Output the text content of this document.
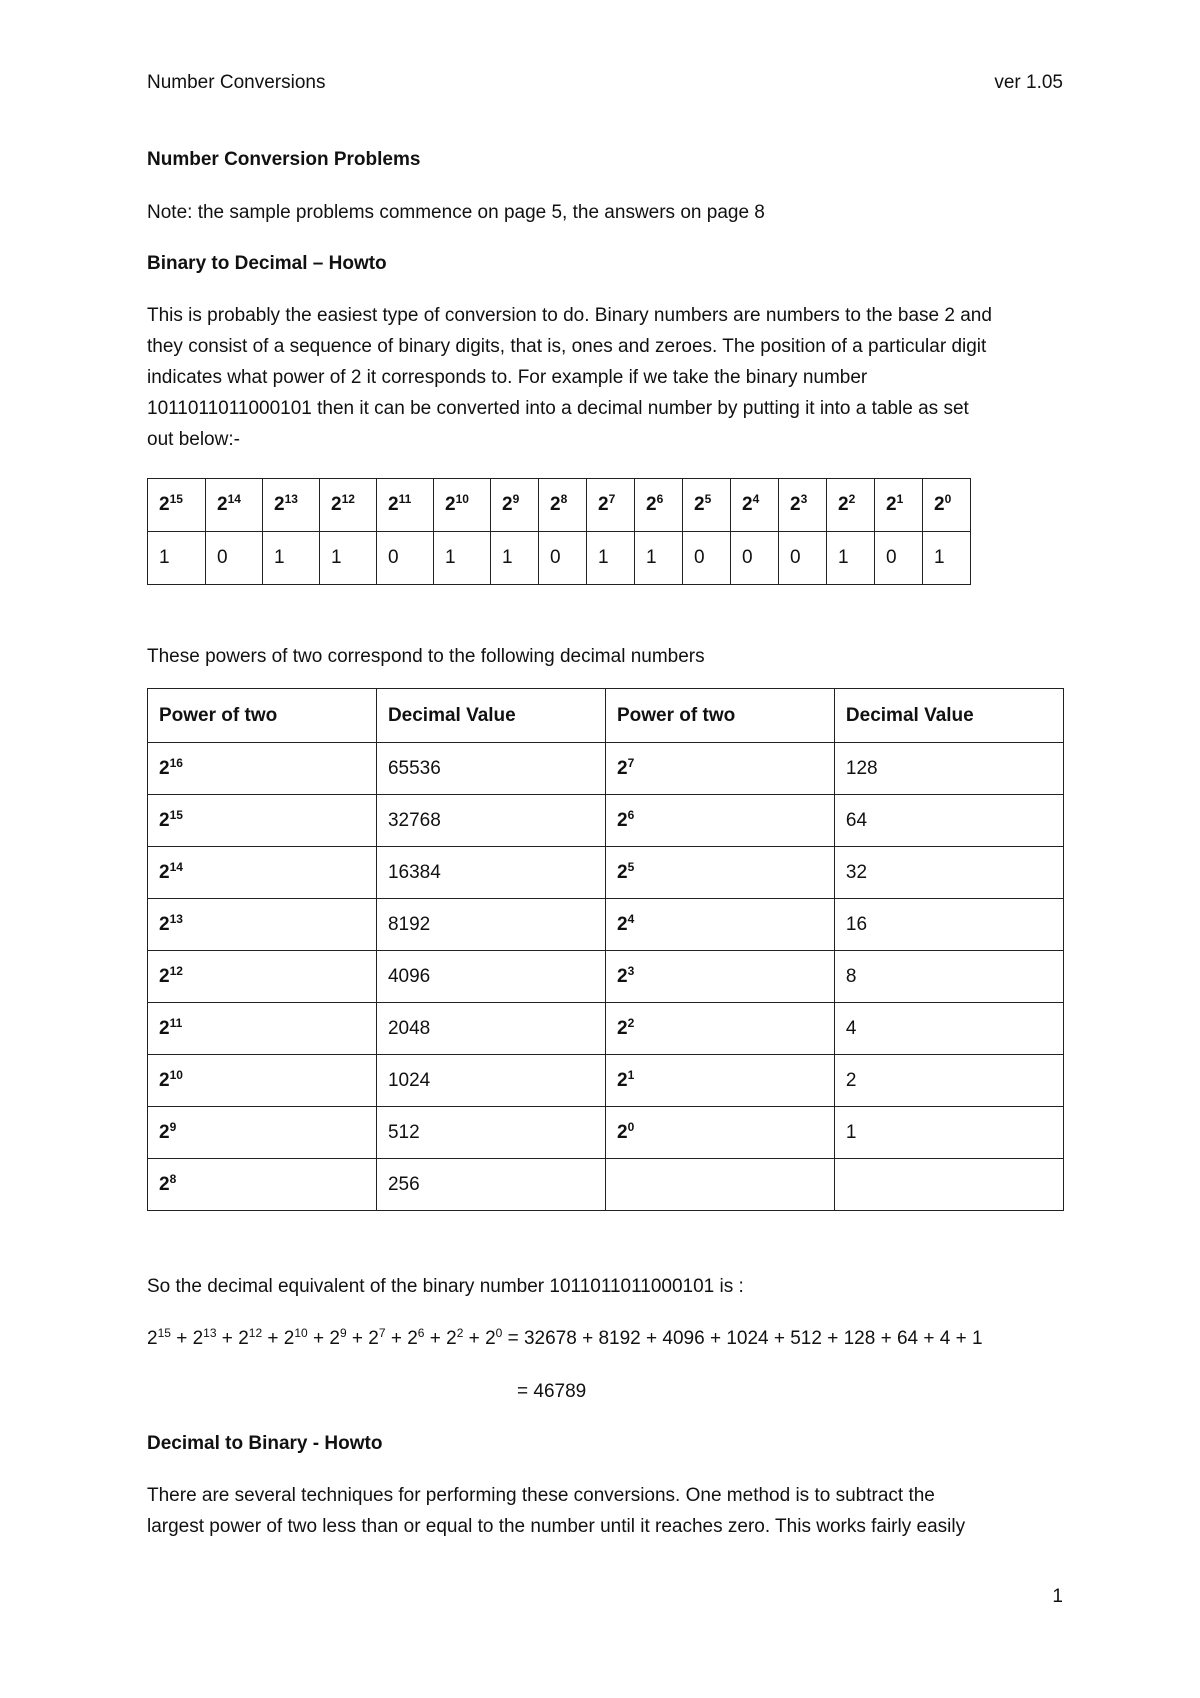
Number Conversions	ver 1.05
Number Conversion Problems
Note: the sample problems commence on page 5, the answers on page 8
Binary to Decimal – Howto
This is probably the easiest type of conversion to do. Binary numbers are numbers to the base 2 and
they consist of a sequence of binary digits, that is, ones and zeroes. The position of a particular digit
indicates what power of 2 it corresponds to. For example if we take the binary number
1011011011000101 then it can be converted into a decimal number by putting it into a table as set
out below:-
$2^{15}$	$2^{14}$	$2^{13}$	$2^{12}$	$2^{11}$	$2^{10}$	$2^9$	$2^8$	$2^7$	$2^6$	$2^5$	$2^4$	$2^3$	$2^2$	$2^1$	$2^0$
1	0	1	1	0	1	1	0	1	1	0	0	0	1	0	1
These powers of two correspond to the following decimal numbers
Power of two	Decimal Value	Power of two	Decimal Value
$2^{16}$	65536	$2^7$	128
$2^{15}$	32768	$2^6$	64
$2^{14}$	16384	$2^5$	32
$2^{13}$	8192	$2^4$	16
$2^{12}$	4096	$2^3$	8
$2^{11}$	2048	$2^2$	4
$2^{10}$	1024	$2^1$	2
$2^9$	512	$2^0$	1
$2^8$	256		
So the decimal equivalent of the binary number 1011011011000101 is :
$2^{15} + 2^{13} + 2^{12} + 2^{10} + 2^9 + 2^7 + 2^6 + 2^2 + 2^0 = 32678 + 8192 + 4096 + 1024 + 512 + 128 + 64 + 4 + 1$
= 46789
Decimal to Binary - Howto
There are several techniques for performing these conversions. One method is to subtract the
largest power of two less than or equal to the number until it reaches zero. This works fairly easily
1
